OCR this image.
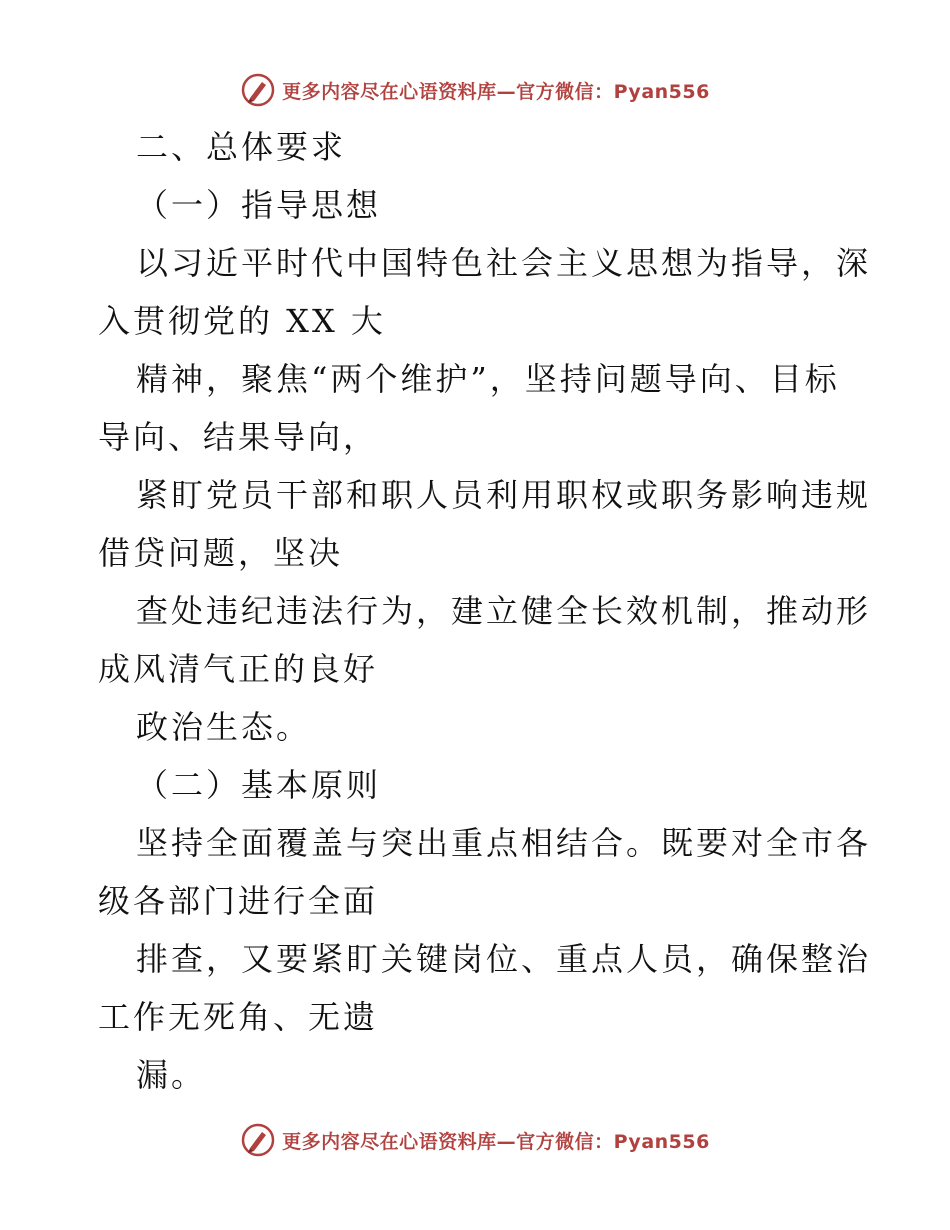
更多内容尽在心语资料库—官方微信：Pyan556
二、总体要求
（一）指导思想
以习近平时代中国特色社会主义思想为指导，深
入贯彻党的 XX 大
精神，聚焦“两个维护”，坚持问题导向、目标
导向、结果导向，
紧盯党员干部和职人员利用职权或职务影响违规
借贷问题，坚决
查处违纪违法行为，建立健全长效机制，推动形
成风清气正的良好
政治生态。
（二）基本原则
坚持全面覆盖与突出重点相结合。既要对全市各
级各部门进行全面
排查，又要紧盯关键岗位、重点人员，确保整治
工作无死角、无遗
漏。
更多内容尽在心语资料库—官方微信：Pyan556
